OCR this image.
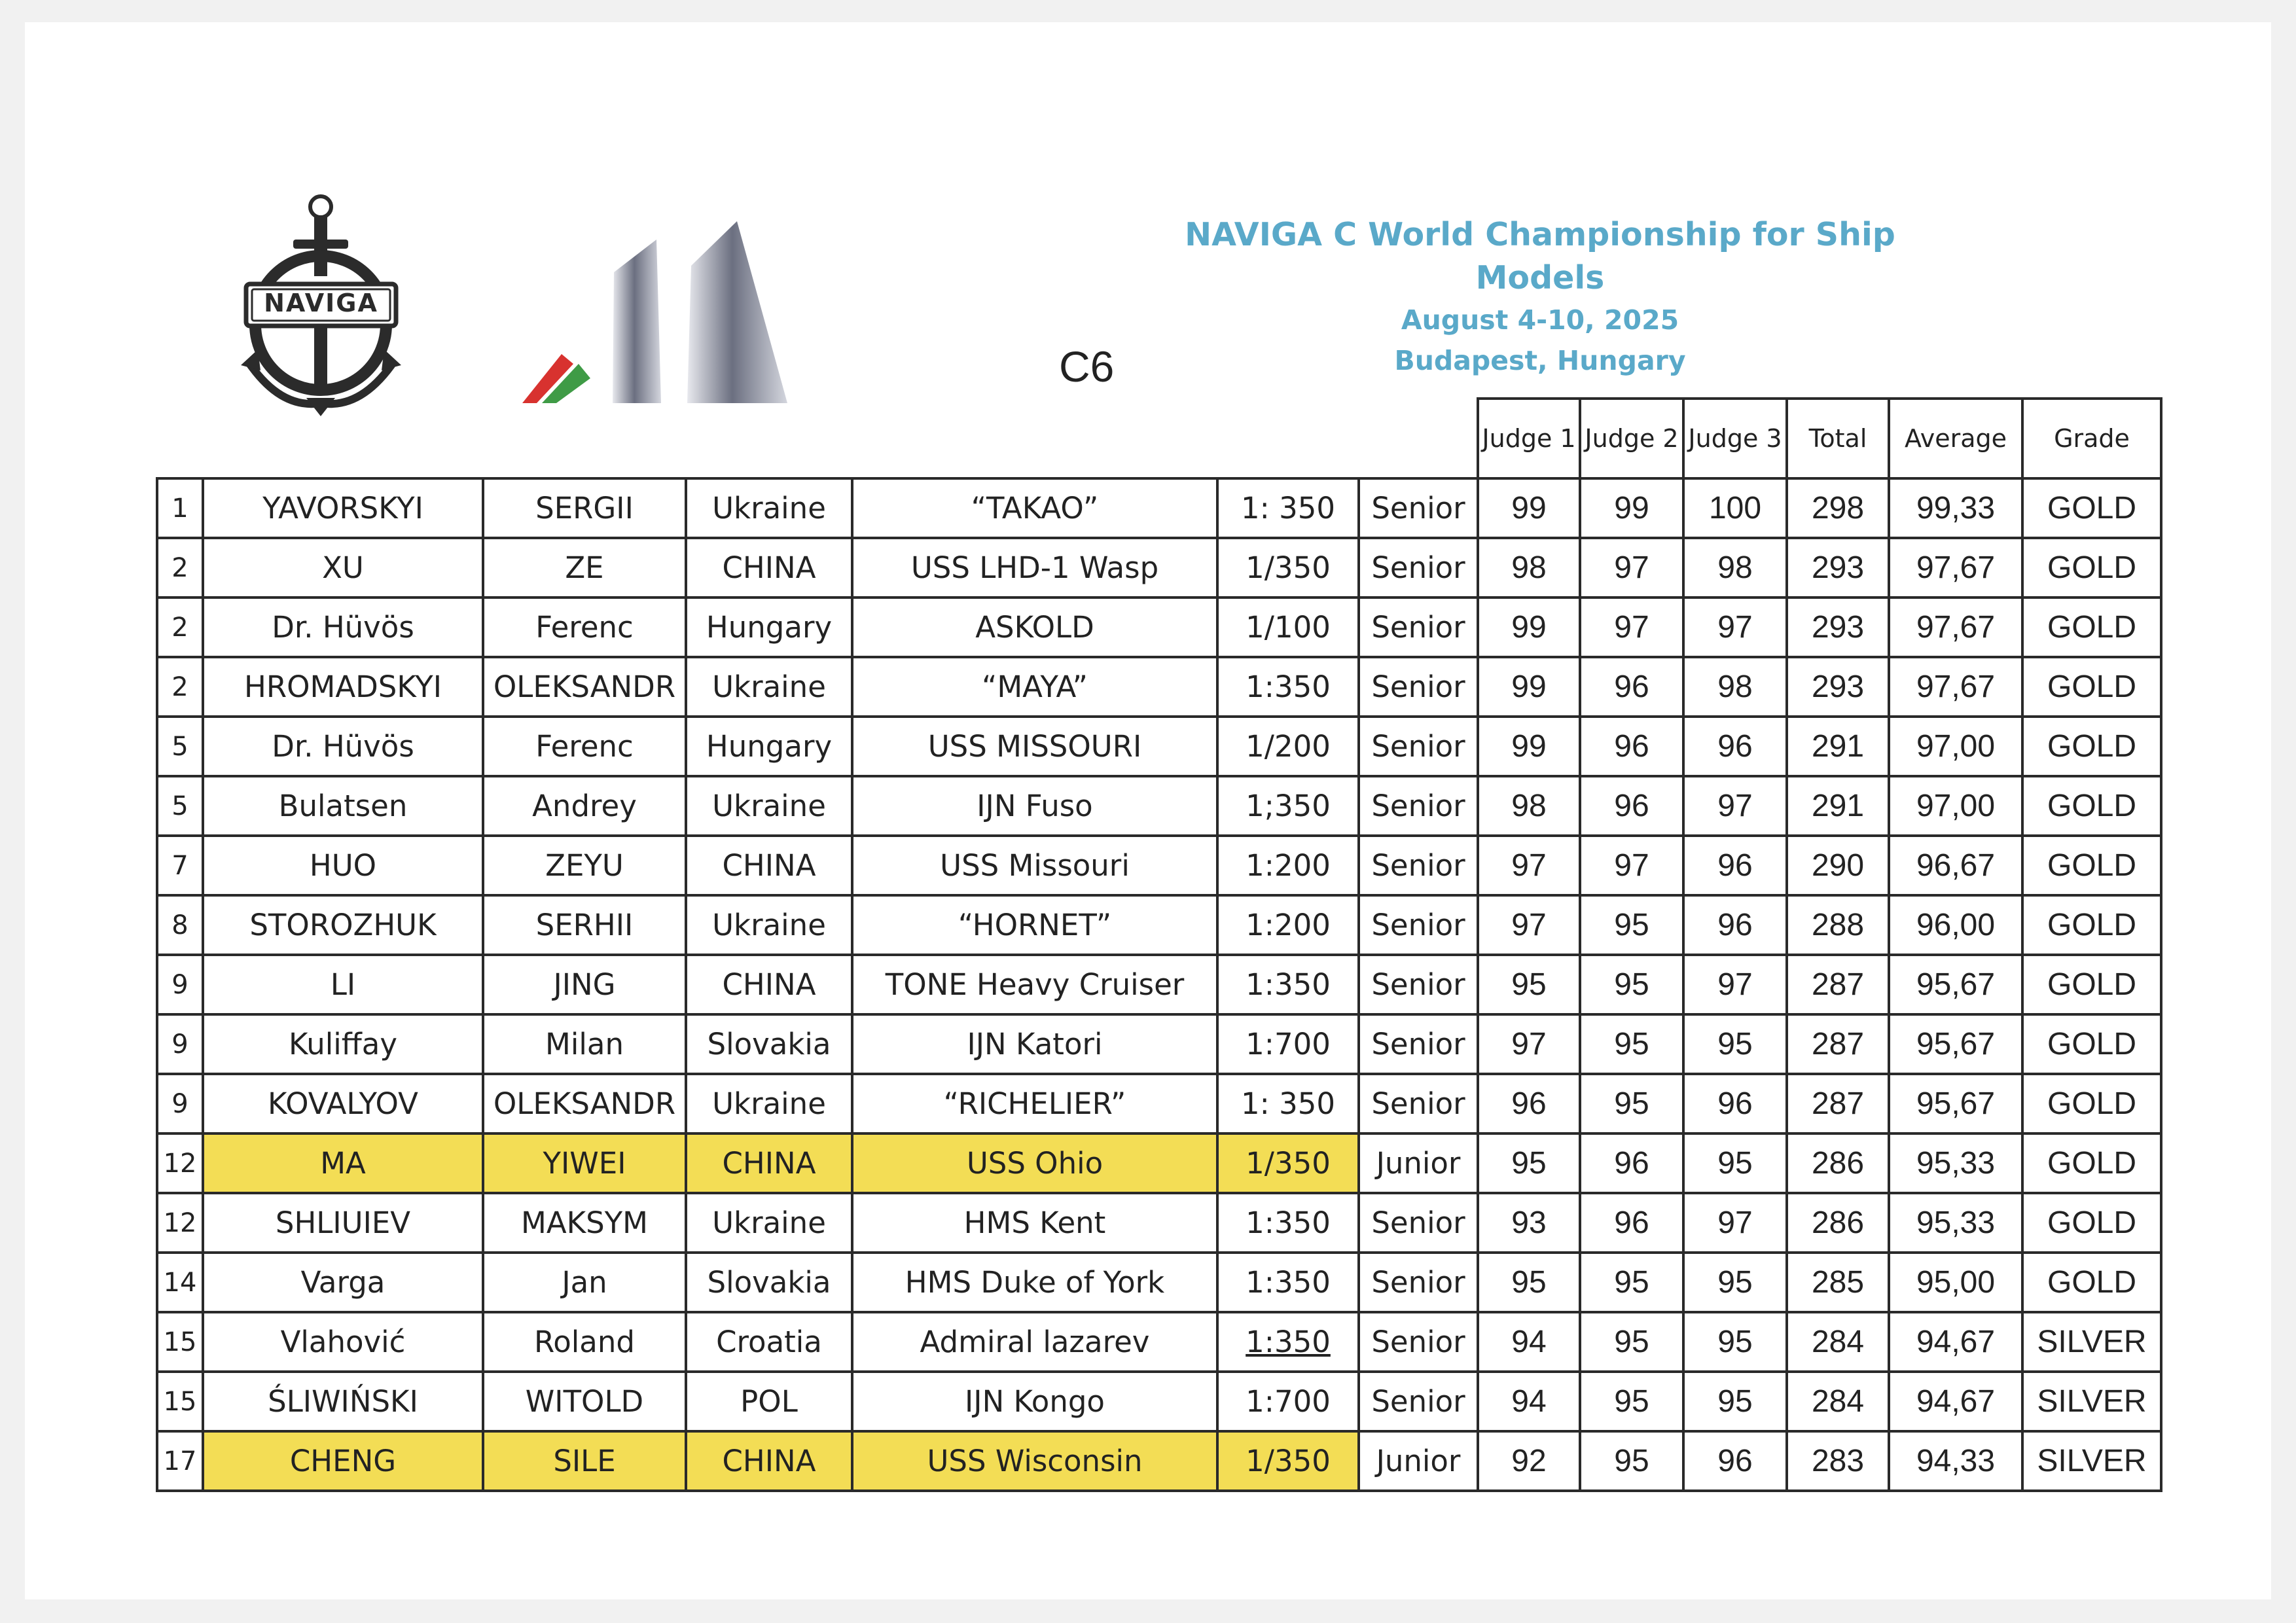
NAVIGA
NAVIGA C World Championship for Ship Models
August 4-10, 2025
Budapest, Hungary
C6
							Judge 1	Judge 2	Judge 3	Total	Average	Grade
1	YAVORSKYI	SERGII	Ukraine	“TAKAO”	1: 350	Senior	99	99	100	298	99,33	GOLD
2	XU	ZE	CHINA	USS LHD-1 Wasp	1/350	Senior	98	97	98	293	97,67	GOLD
2	Dr. Hüvös	Ferenc	Hungary	ASKOLD	1/100	Senior	99	97	97	293	97,67	GOLD
2	HROMADSKYI	OLEKSANDR	Ukraine	“MAYA”	1:350	Senior	99	96	98	293	97,67	GOLD
5	Dr. Hüvös	Ferenc	Hungary	USS MISSOURI	1/200	Senior	99	96	96	291	97,00	GOLD
5	Bulatsen	Andrey	Ukraine	IJN Fuso	1;350	Senior	98	96	97	291	97,00	GOLD
7	HUO	ZEYU	CHINA	USS Missouri	1:200	Senior	97	97	96	290	96,67	GOLD
8	STOROZHUK	SERHII	Ukraine	“HORNET”	1:200	Senior	97	95	96	288	96,00	GOLD
9	LI	JING	CHINA	TONE Heavy Cruiser	1:350	Senior	95	95	97	287	95,67	GOLD
9	Kuliffay	Milan	Slovakia	IJN Katori	1:700	Senior	97	95	95	287	95,67	GOLD
9	KOVALYOV	OLEKSANDR	Ukraine	“RICHELIER”	1: 350	Senior	96	95	96	287	95,67	GOLD
12	MA	YIWEI	CHINA	USS Ohio	1/350	Junior	95	96	95	286	95,33	GOLD
12	SHLIUIEV	MAKSYM	Ukraine	HMS Kent	1:350	Senior	93	96	97	286	95,33	GOLD
14	Varga	Jan	Slovakia	HMS Duke of York	1:350	Senior	95	95	95	285	95,00	GOLD
15	Vlahović	Roland	Croatia	Admiral lazarev	1:350	Senior	94	95	95	284	94,67	SILVER
15	ŚLIWIŃSKI	WITOLD	POL	IJN Kongo	1:700	Senior	94	95	95	284	94,67	SILVER
17	CHENG	SILE	CHINA	USS Wisconsin	1/350	Junior	92	95	96	283	94,33	SILVER
